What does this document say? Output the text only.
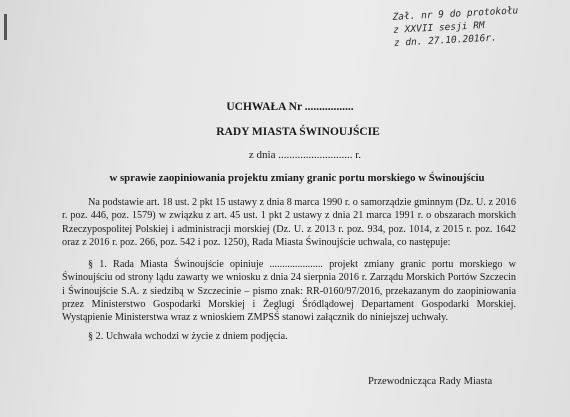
Zał. nr 9 do protokołu
z XXVII sesji RM
z dn. 27.10.2016r.
UCHWAŁA Nr .................
RADY MIASTA ŚWINOUJŚCIE
z dnia ........................... r.
w sprawie zaopiniowania projektu zmiany granic portu morskiego w Świnoujściu
Na podstawie art. 18 ust. 2 pkt 15 ustawy z dnia 8 marca 1990 r. o samorządzie gminnym (Dz. U. z 2016 r. poz. 446, poz. 1579) w związku z art. 45 ust. 1 pkt 2 ustawy z dnia 21 marca 1991 r. o obszarach morskich Rzeczypospolitej Polskiej i administracji morskiej (Dz. U. z 2013 r. poz. 934, poz. 1014, z 2015 r. poz. 1642 oraz z 2016 r. poz. 266, poz. 542 i poz. 1250), Rada Miasta Świnoujście uchwala, co następuje:
§ 1. Rada Miasta Świnoujście opiniuje ..................... projekt zmiany granic portu morskiego w Świnoujściu od strony lądu zawarty we wniosku z dnia 24 sierpnia 2016 r. Zarządu Morskich Portów Szczecin i Świnoujście S.A. z siedzibą w Szczecinie – pismo znak: RR-0160/97/2016, przekazanym do zaopiniowania przez Ministerstwo Gospodarki Morskiej i Żeglugi Śródlądowej Departament Gospodarki Morskiej. Wystąpienie Ministerstwa wraz z wnioskiem ZMPSŚ stanowi załącznik do niniejszej uchwały.
§ 2. Uchwała wchodzi w życie z dniem podjęcia.
Przewodnicząca Rady Miasta
